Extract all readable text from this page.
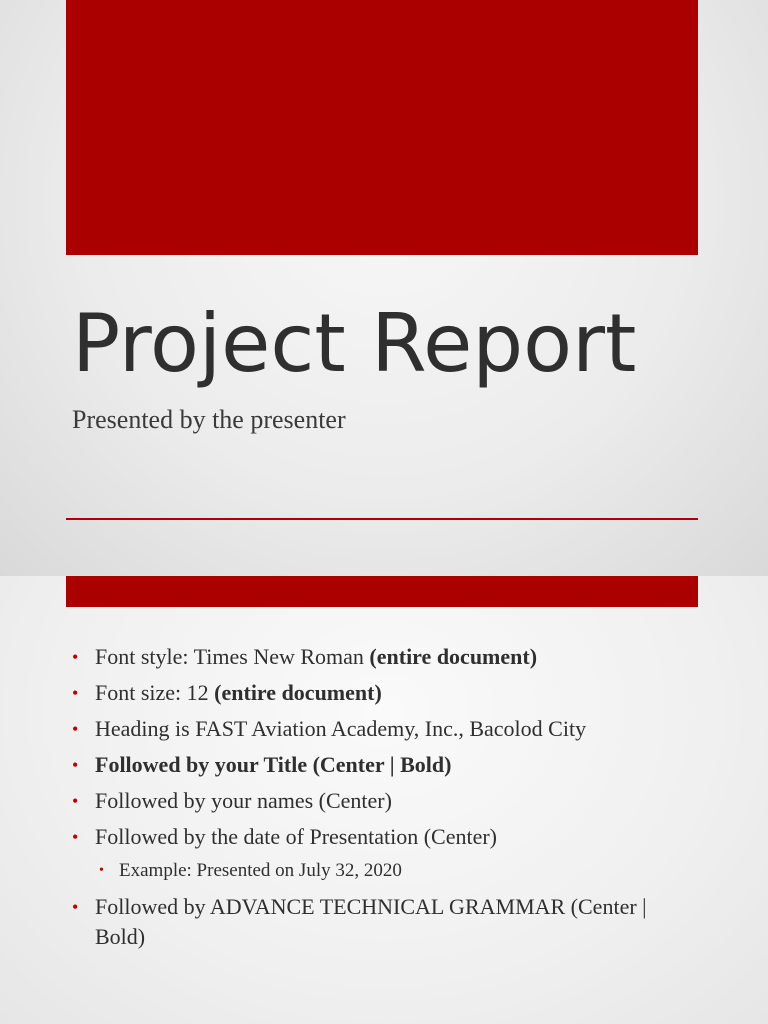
Project Report
Presented by the presenter
• Font style: Times New Roman (entire document)
• Font size: 12 (entire document)
• Heading is FAST Aviation Academy, Inc., Bacolod City
• Followed by your Title (Center | Bold)
• Followed by your names (Center)
• Followed by the date of Presentation (Center)
• Example: Presented on July 32, 2020
• Followed by ADVANCE TECHNICAL GRAMMAR (Center | Bold)
